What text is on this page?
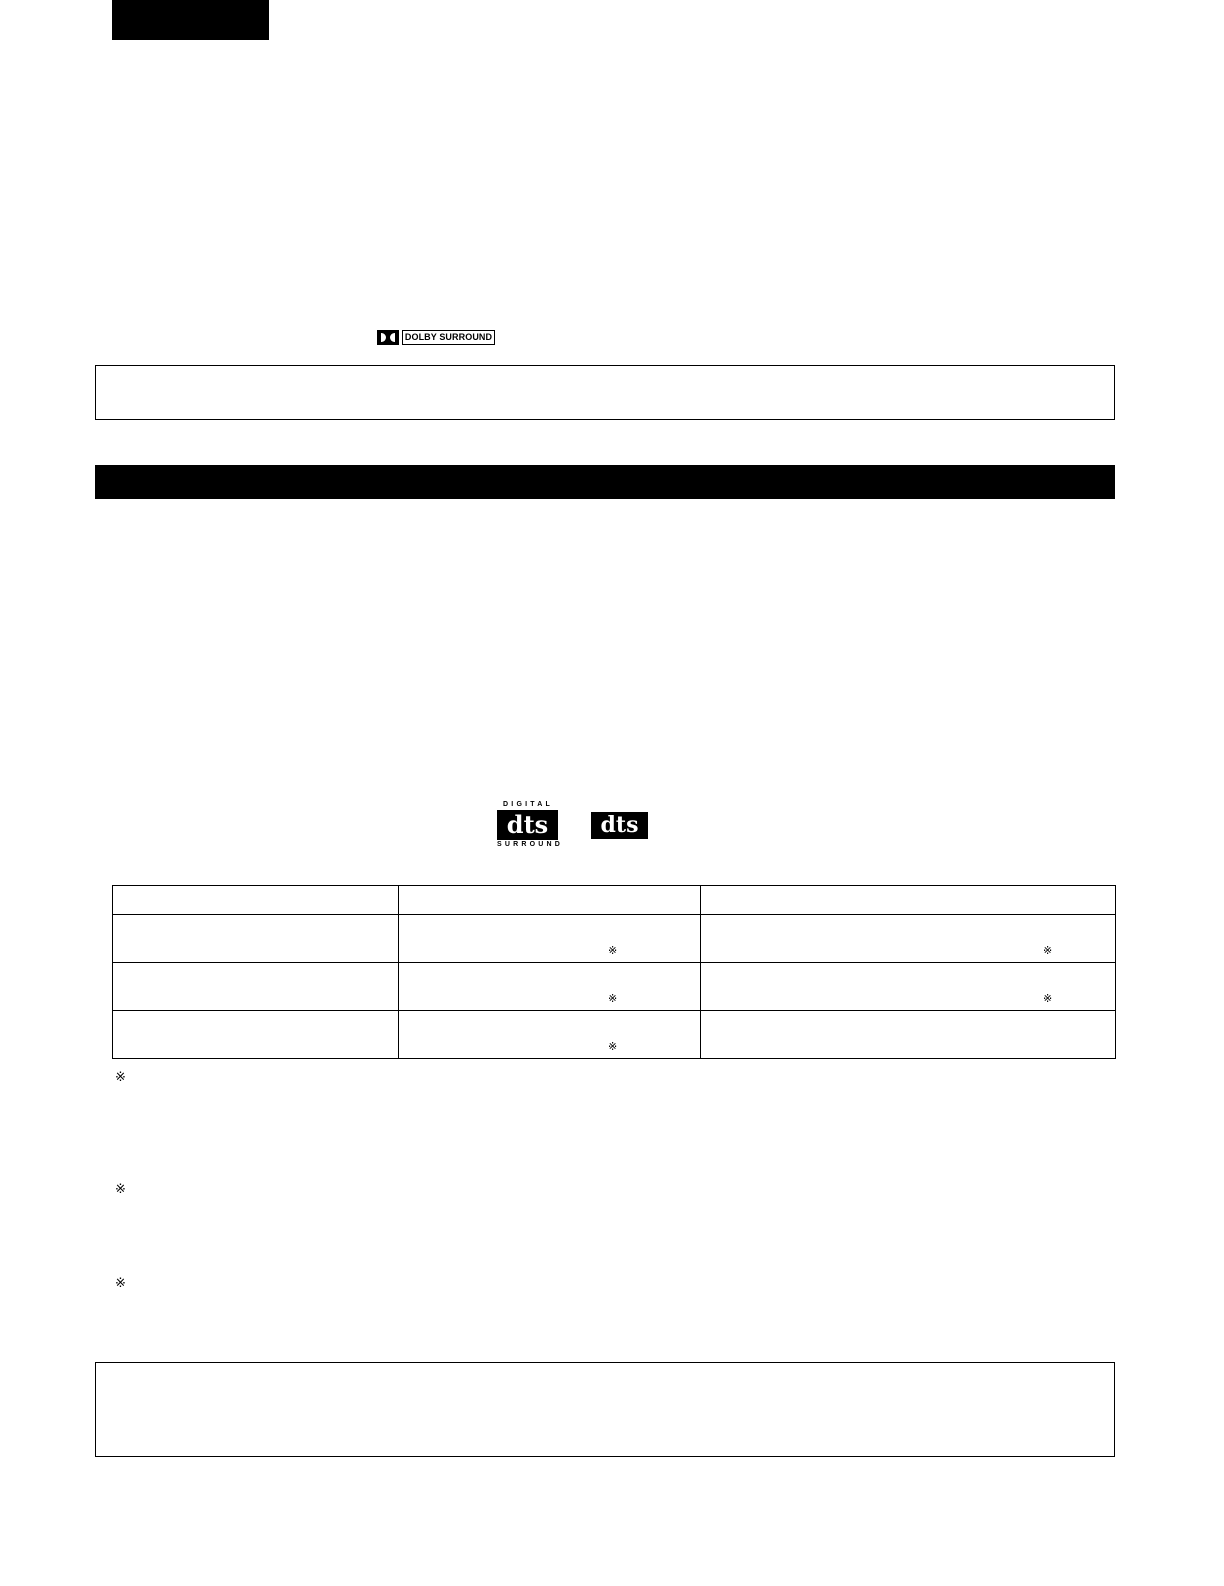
DOLBY SURROUND
DIGITAL
dts
SURROUND
dts

	※	※

	※	※

	※	

※
※
※
